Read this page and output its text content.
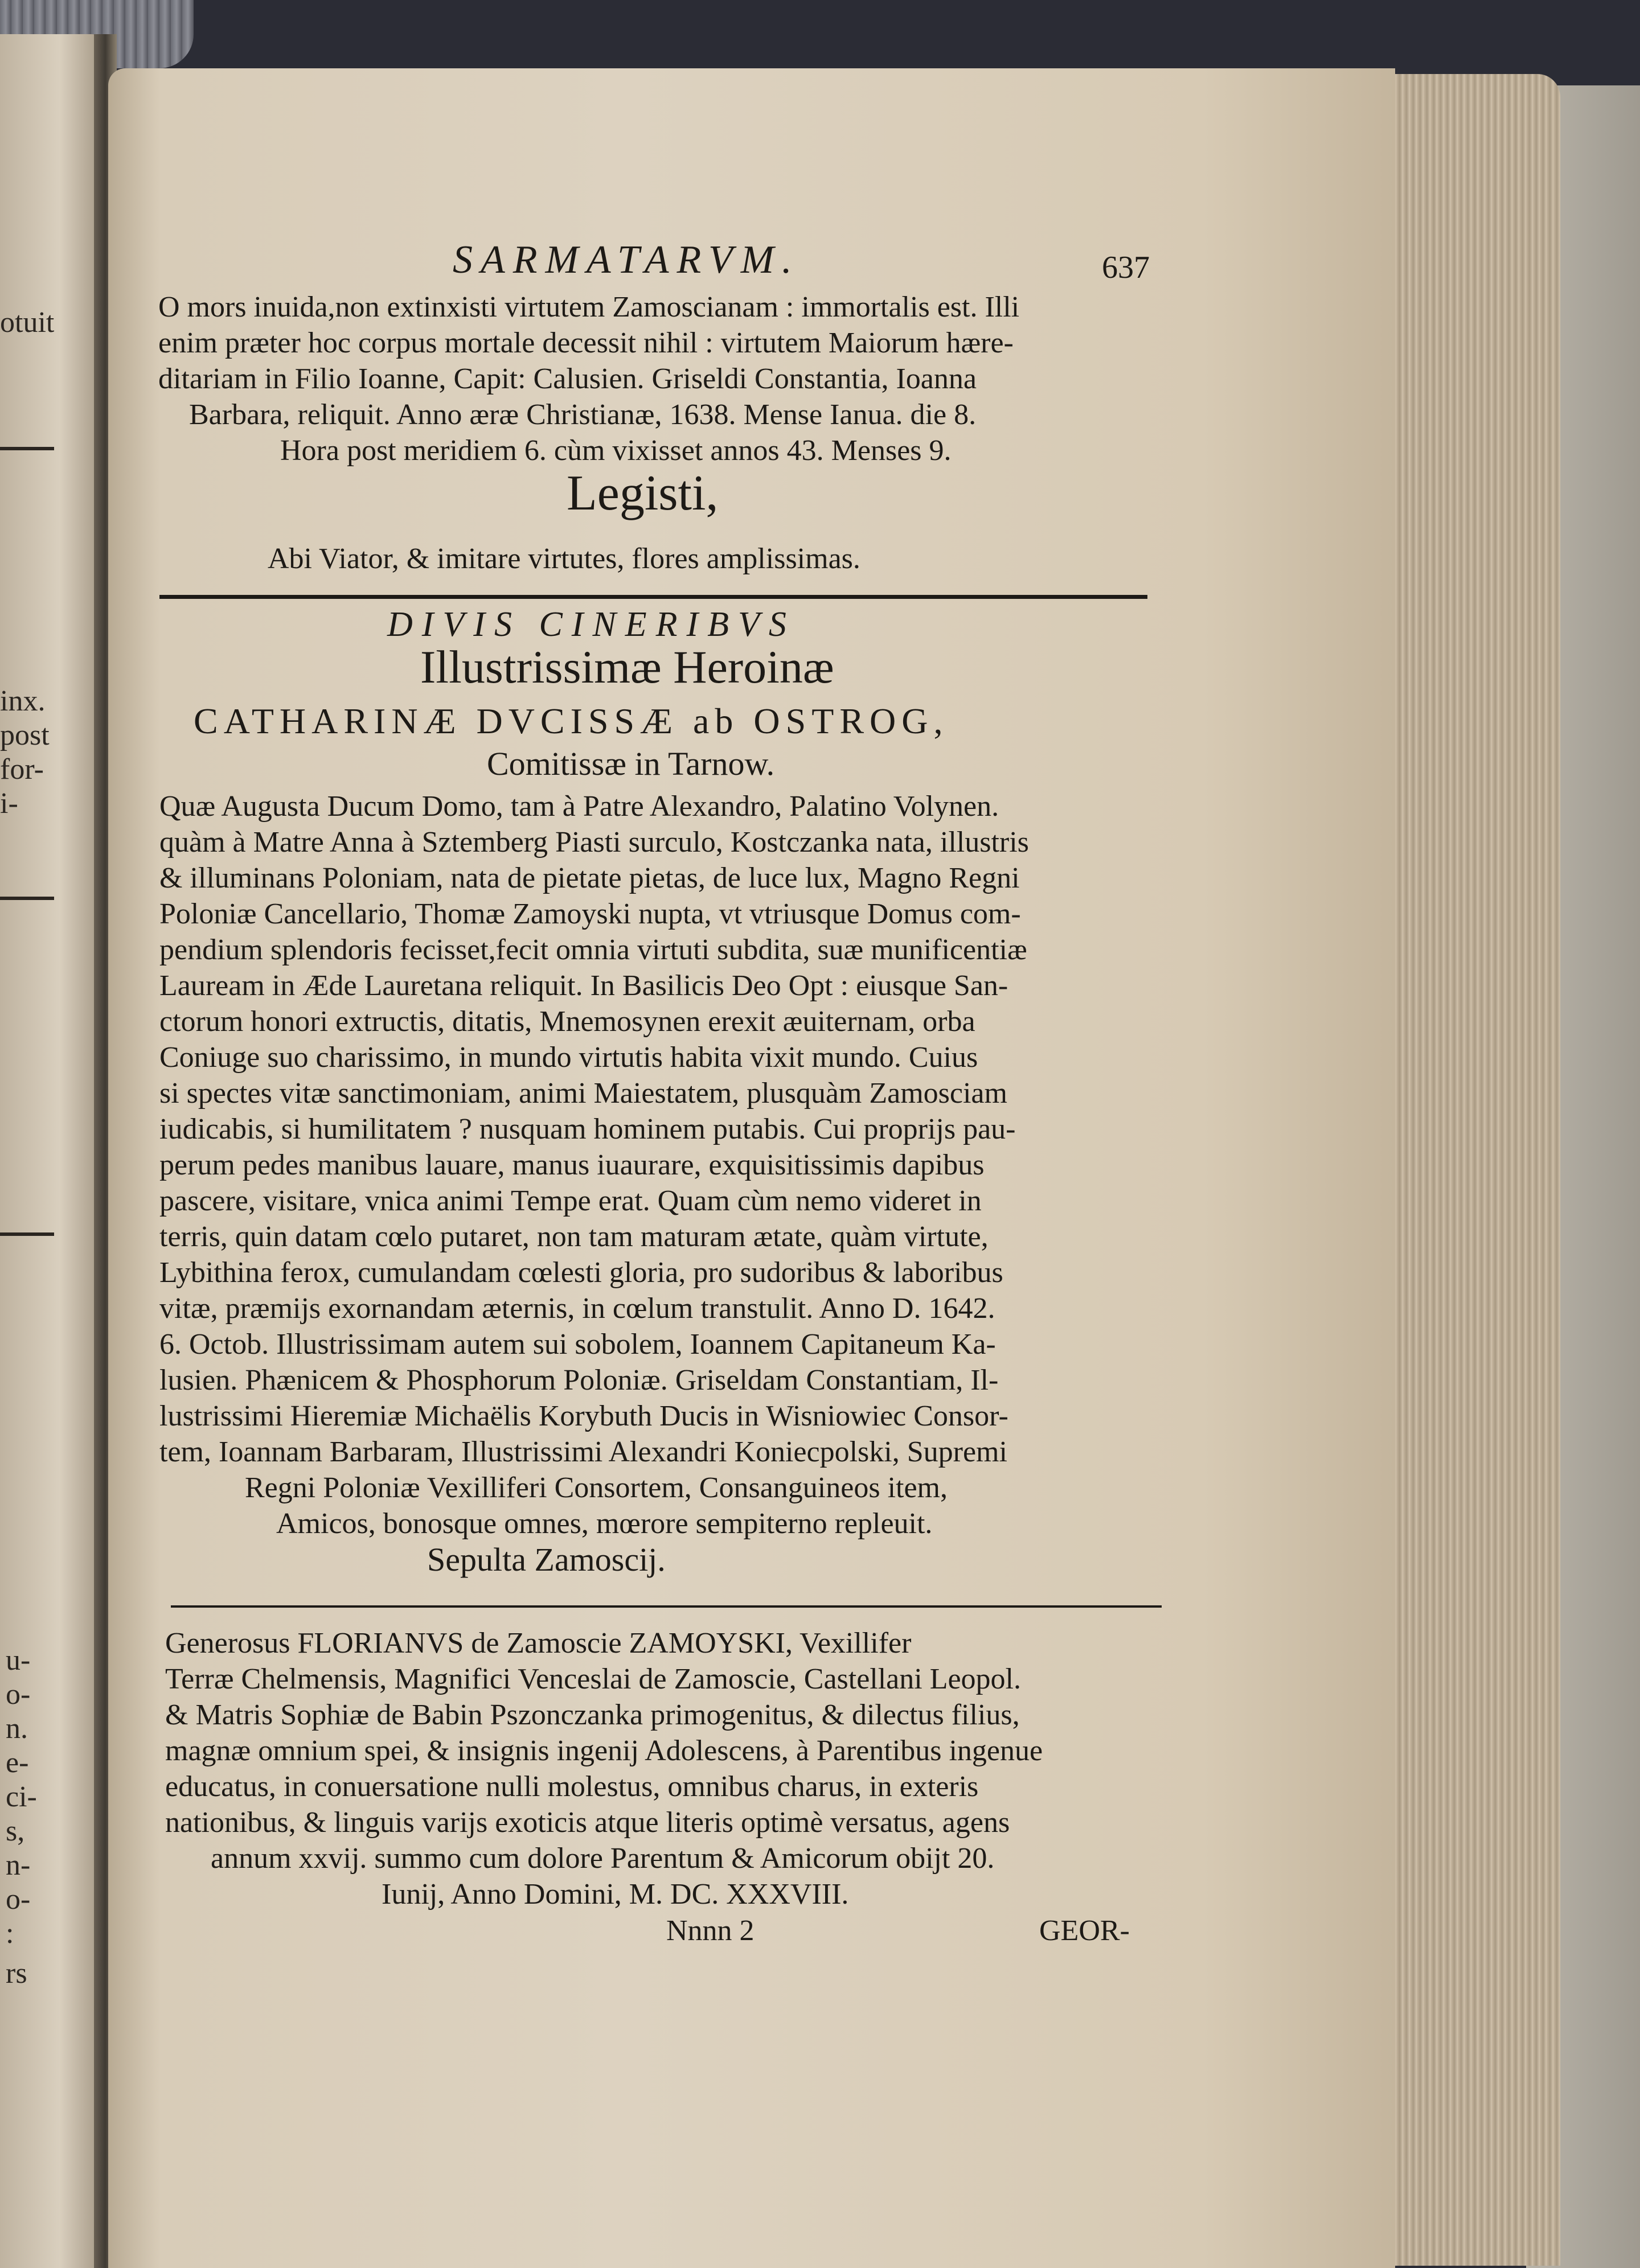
otuit
inx.
post
for-
i-
u-
o-
n.
e-
ci-
s,
n-
o-
:
rs
SARMATARVM.	637
O mors inuida,non extinxisti virtutem Zamoscianam : immortalis est. Illi
enim præter hoc corpus mortale decessit nihil : virtutem Maiorum hære-
ditariam in Filio Ioanne, Capit: Calusien. Griseldi Constantia, Ioanna
Barbara, reliquit. Anno æræ Christianæ, 1638. Mense Ianua. die 8.
Hora post meridiem 6. cùm vixisset annos 43. Menses 9.
Legisti,
Abi Viator, & imitare virtutes, flores amplissimas.
DIVIS CINERIBVS
Illustrissimæ Heroinæ
CATHARINÆ DVCISSÆ ab OSTROG,
Comitissæ in Tarnow.
Quæ Augusta Ducum Domo, tam à Patre Alexandro, Palatino Volynen.
quàm à Matre Anna à Sztemberg Piasti surculo, Kostczanka nata, illustris
& illuminans Poloniam, nata de pietate pietas, de luce lux, Magno Regni
Poloniæ Cancellario, Thomæ Zamoyski nupta, vt vtriusque Domus com-
pendium splendoris fecisset,fecit omnia virtuti subdita, suæ munificentiæ
Lauream in Æde Lauretana reliquit. In Basilicis Deo Opt : eiusque San-
ctorum honori extructis, ditatis, Mnemosynen erexit æuiternam, orba
Coniuge suo charissimo, in mundo virtutis habita vixit mundo. Cuius
si spectes vitæ sanctimoniam, animi Maiestatem, plusquàm Zamosciam
iudicabis, si humilitatem ? nusquam hominem putabis. Cui proprijs pau-
perum pedes manibus lauare, manus iuaurare, exquisitissimis dapibus
pascere, visitare, vnica animi Tempe erat. Quam cùm nemo videret in
terris, quin datam cœlo putaret, non tam maturam ætate, quàm virtute,
Lybithina ferox, cumulandam cœlesti gloria, pro sudoribus & laboribus
vitæ, præmijs exornandam æternis, in cœlum transtulit. Anno D. 1642.
6. Octob. Illustrissimam autem sui sobolem, Ioannem Capitaneum Ka-
lusien. Phænicem & Phosphorum Poloniæ. Griseldam Constantiam, Il-
lustrissimi Hieremiæ Michaëlis Korybuth Ducis in Wisniowiec Consor-
tem, Ioannam Barbaram, Illustrissimi Alexandri Koniecpolski, Supremi
Regni Poloniæ Vexilliferi Consortem, Consanguineos item,
Amicos, bonosque omnes, mœrore sempiterno repleuit.
Sepulta Zamoscij.
Generosus FLORIANVS de Zamoscie ZAMOYSKI, Vexillifer
Terræ Chelmensis, Magnifici Venceslai de Zamoscie, Castellani Leopol.
& Matris Sophiæ de Babin Pszonczanka primogenitus, & dilectus filius,
magnæ omnium spei, & insignis ingenij Adolescens, à Parentibus ingenue
educatus, in conuersatione nulli molestus, omnibus charus, in exteris
nationibus, & linguis varijs exoticis atque literis optimè versatus, agens
annum xxvij. summo cum dolore Parentum & Amicorum obijt 20.
Iunij, Anno Domini, M. DC. XXXVIII.
Nnnn 2	GEOR-
